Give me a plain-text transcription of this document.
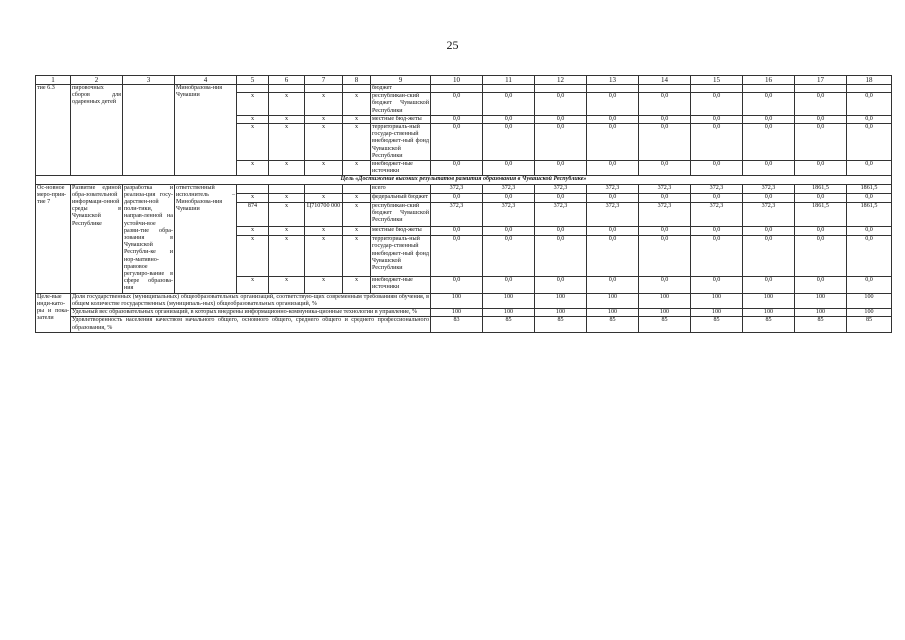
25
1	2	3	4	5	6	7	8	9	10	11	12	13	14	15	16	17	18
тие 6.3	пировочных сборов для одаренных детей		Минобразова-ния Чувашии					бюджет									
				x	x	x	x	республикан-ский бюджет Чувашской Республики	0,0	0,0	0,0	0,0	0,0	0,0	0,0	0,0	0,0
				x	x	x	x	местные бюд-жеты	0,0	0,0	0,0	0,0	0,0	0,0	0,0	0,0	0,0
				x	x	x	x	территориаль-ный государ-ственный внебюджет-ный фонд Чувашской Республики	0,0	0,0	0,0	0,0	0,0	0,0	0,0	0,0	0,0
				x	x	x	x	внебюджет-ные источники	0,0	0,0	0,0	0,0	0,0	0,0	0,0	0,0	0,0
Цель «Достижение высоких результатов развития образования в Чувашской Республике»																	
Ос-новное меро-прия-тие 7	Развитие единой обра-зовательной информаци-онной среды в Чувашской Республике	разработка и реализа-ция госу-дарствен-ной поли-тики, направ-ленной на устойчи-вое разви-тие обра-зования в Чувашской Республи-ке и нор-мативно-правовое регулиро-вание в сфере образова-ния	ответственный исполнитель – Минобразова-ния Чувашии					всего	372,3	372,3	372,3	372,3	372,3	372,3	372,3	1861,5	1861,5
				x	x	x	x	федеральный бюджет	0,0	0,0	0,0	0,0	0,0	0,0	0,0	0,0	0,0
				874	x	Ц710700 000	x	республикан-ский бюджет Чувашской Республики	372,3	372,3	372,3	372,3	372,3	372,3	372,3	1861,5	1861,5
				x	x	x	x	местные бюд-жеты	0,0	0,0	0,0	0,0	0,0	0,0	0,0	0,0	0,0
				x	x	x	x	территориаль-ный государ-ственный внебюджет-ный фонд Чувашской Республики	0,0	0,0	0,0	0,0	0,0	0,0	0,0	0,0	0,0
				x	x	x	x	внебюджет-ные источники	0,0	0,0	0,0	0,0	0,0	0,0	0,0	0,0	0,0
Целе-вые инди-като-ры и пока-затели	Доля государственных (муниципальных) общеобразовательных организаций, соответствую-щих современным требованиям обучения, в общем количестве государственных (муниципаль-ных) общеобразовательных организаций, %								100	100	100	100	100	100	100	100	100
	Удельный вес образовательных организаций, в которых внедрены информационно-коммуника-ционные технологии в управление, %								100	100	100	100	100	100	100	100	100
	Удовлетворенность населения качеством начального общего, основного общего, среднего общего и среднего профессионального образования, %								83	85	85	85	85	85	85	85	85
